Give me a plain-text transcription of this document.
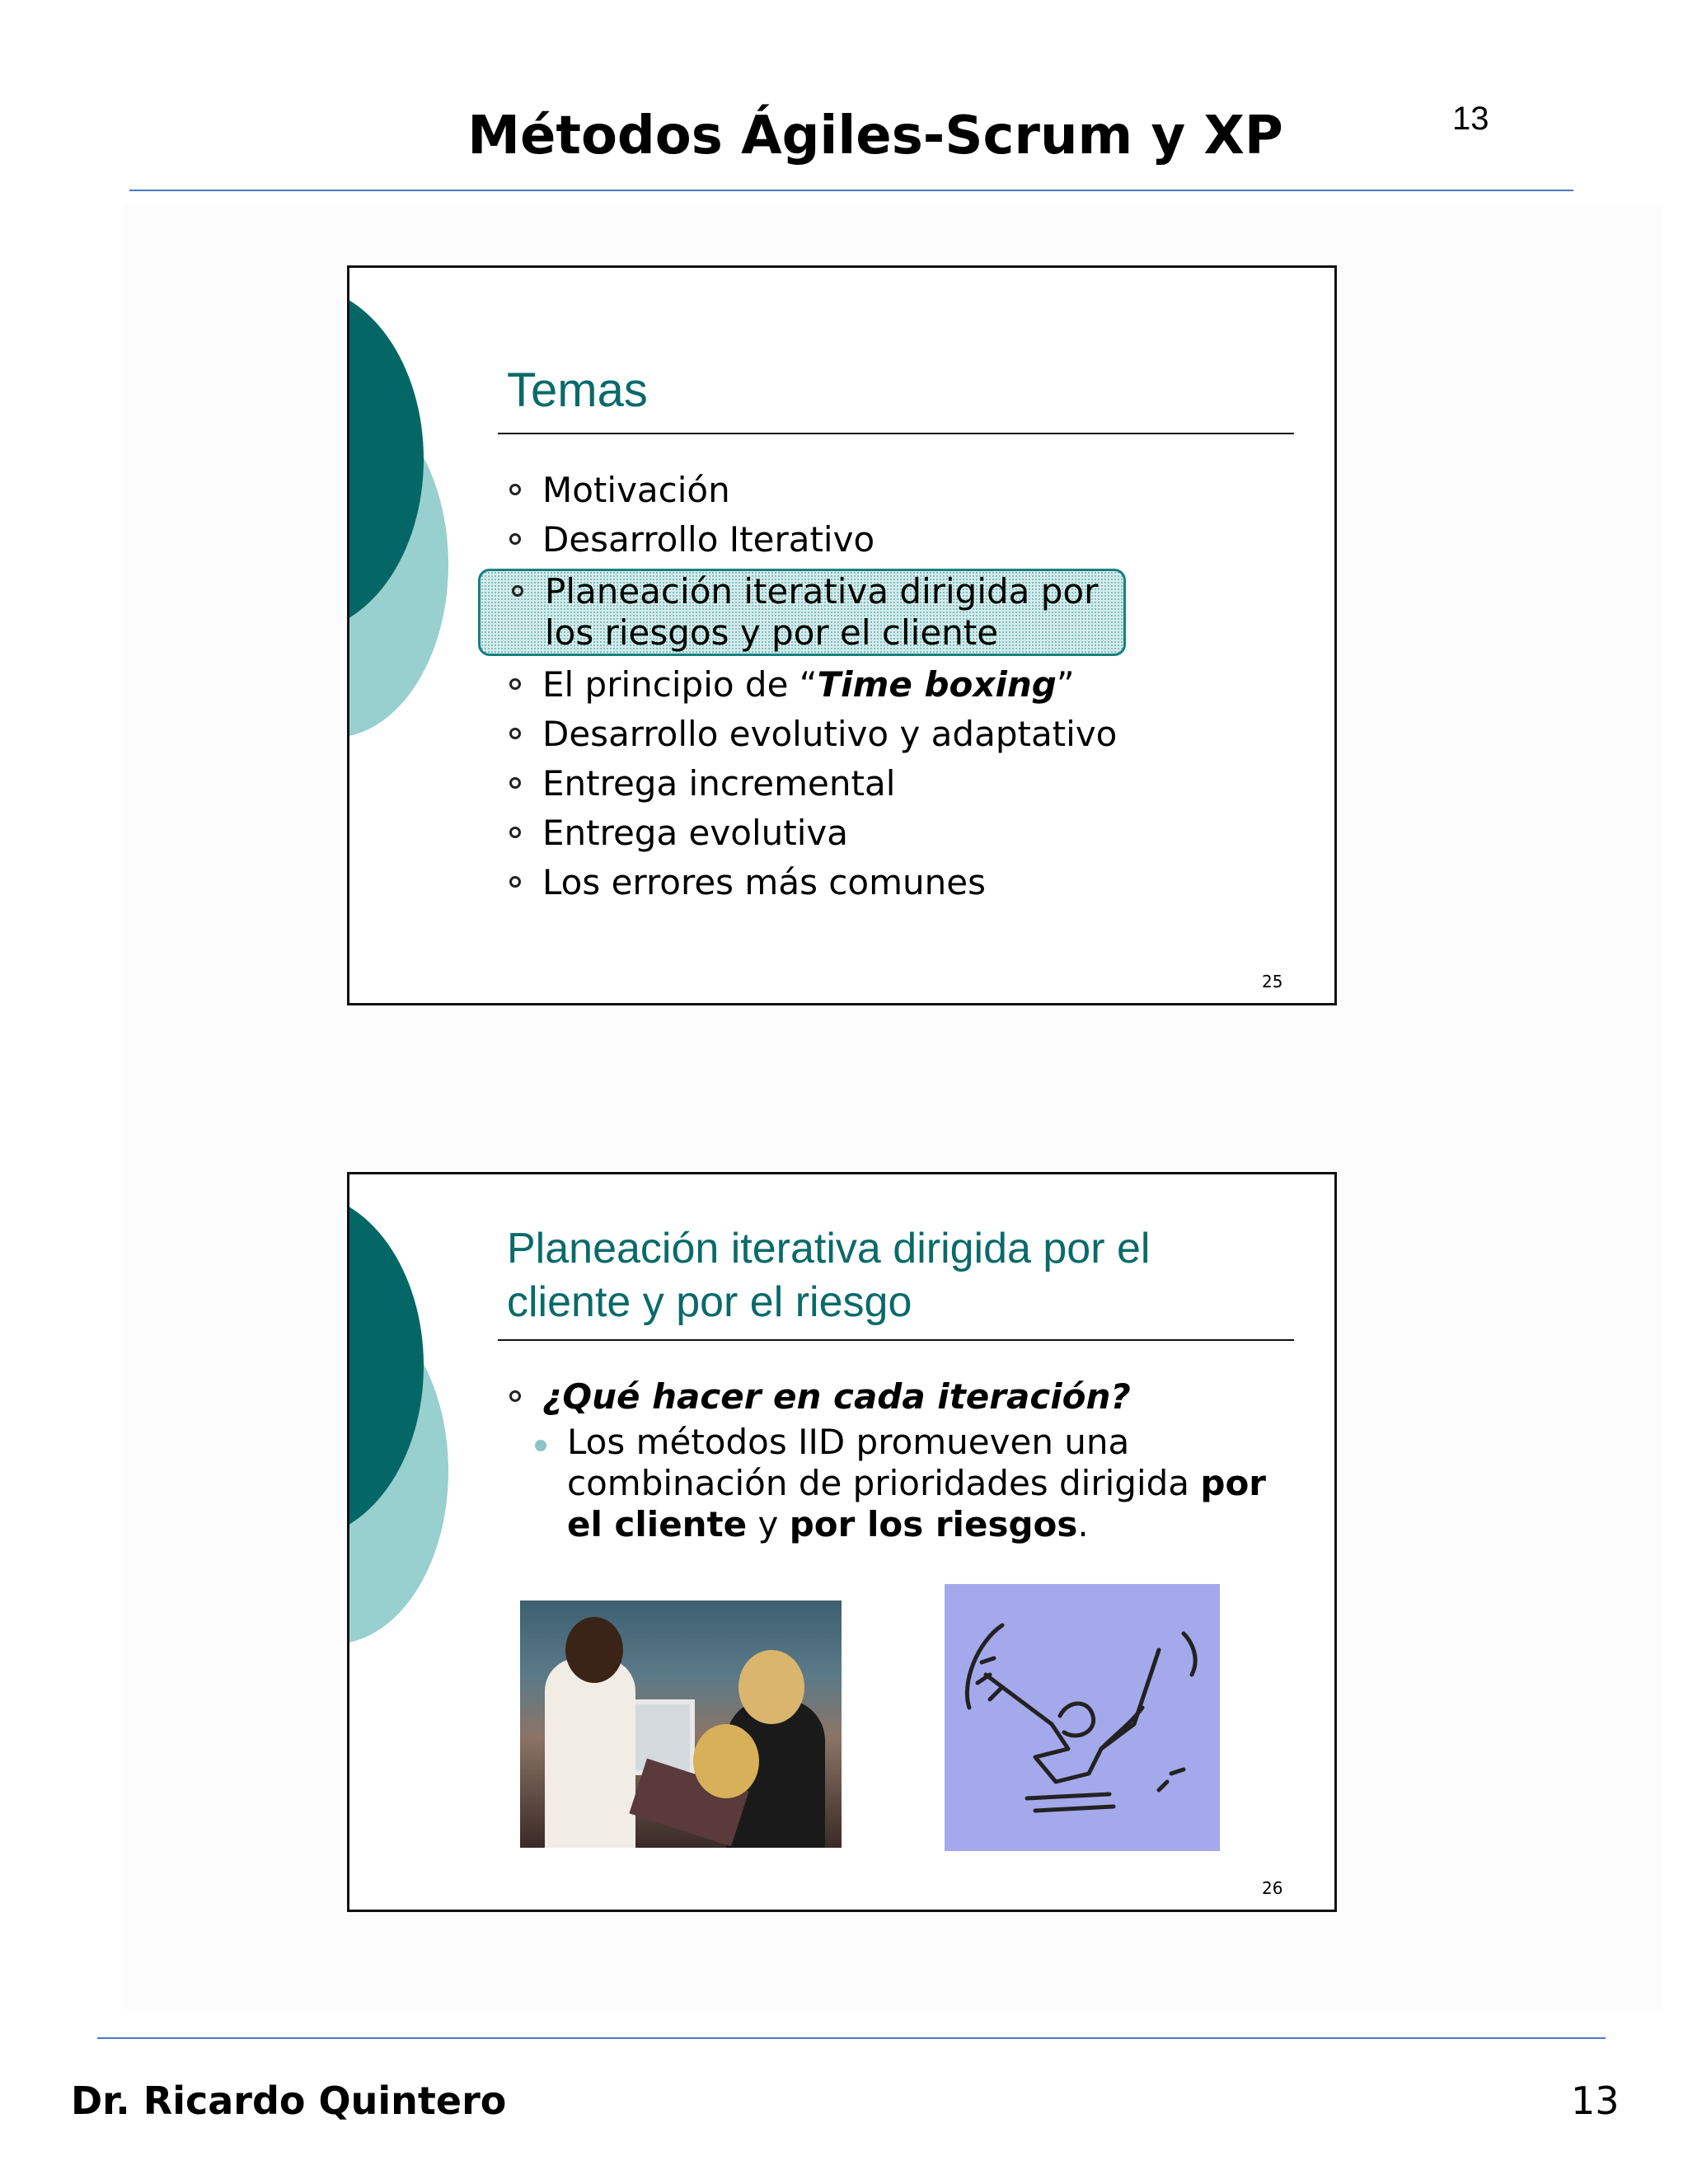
Métodos Ágiles-Scrum y XP	13
Temas
Motivación
Desarrollo Iterativo
Planeación iterativa dirigida por los riesgos y por el cliente
El principio de “Time boxing”
Desarrollo evolutivo y adaptativo
Entrega incremental
Entrega evolutiva
Los errores más comunes
25
Planeación iterativa dirigida por el cliente y por el riesgo
¿Qué hacer en cada iteración?
Los métodos IID promueven una combinación de prioridades dirigida por el cliente y por los riesgos.
26
Dr. Ricardo Quintero	13
